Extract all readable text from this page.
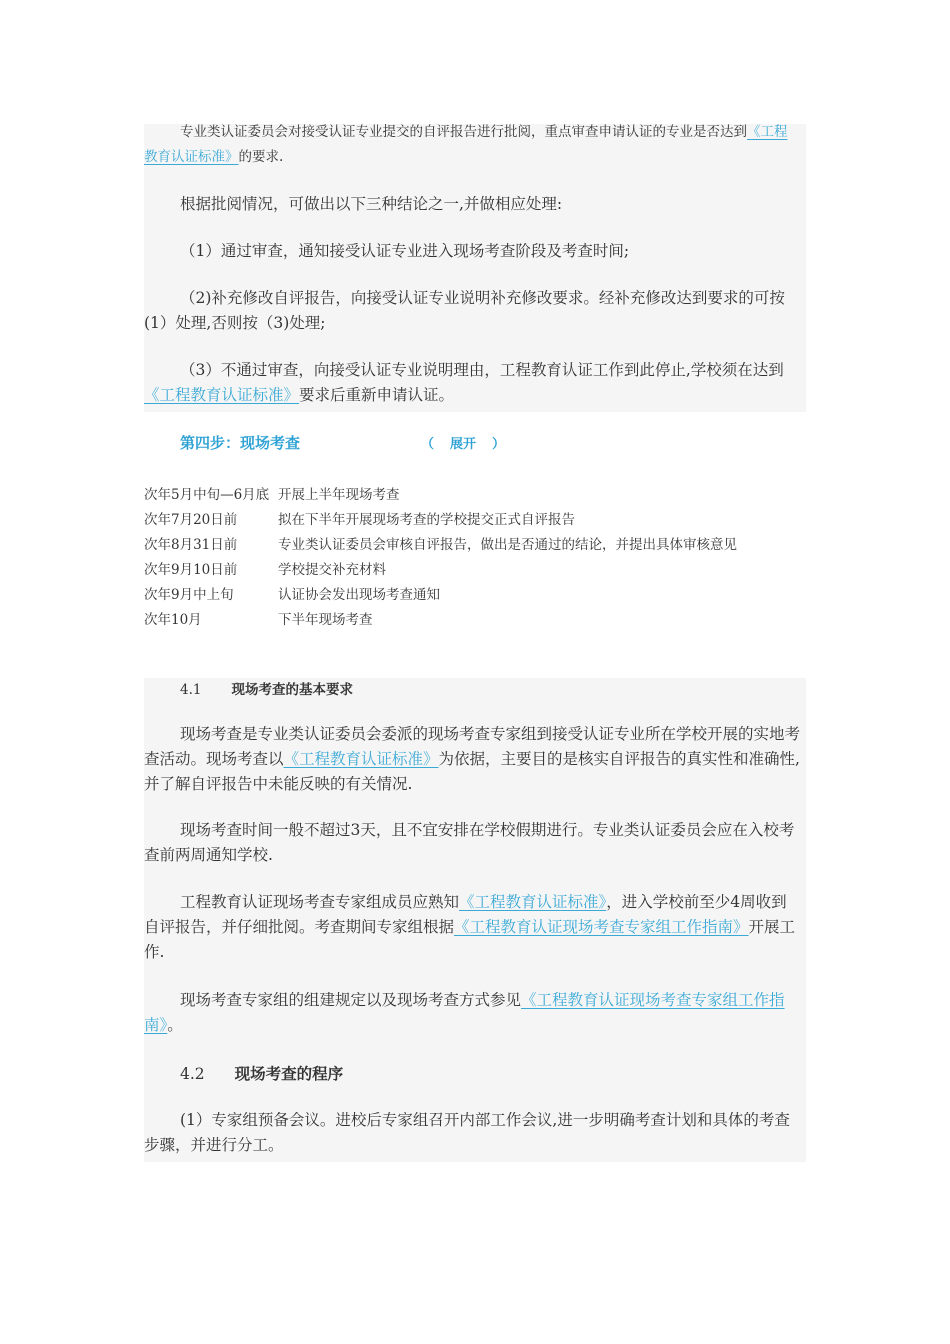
专业类认证委员会对接受认证专业提交的自评报告进行批阅，重点审查申请认证的专业是否达到《工程教育认证标准》的要求.

根据批阅情况，可做出以下三种结论之一,并做相应处理:

（1）通过审查，通知接受认证专业进入现场考查阶段及考查时间;

（2)补充修改自评报告，向接受认证专业说明补充修改要求。经补充修改达到要求的可按(1）处理,否则按（3)处理;

（3）不通过审查，向接受认证专业说明理由，工程教育认证工作到此停止,学校须在达到《工程教育认证标准》要求后重新申请认证。

第四步：现场考查	（ 展开 ）
次年5月中旬—6月底	开展上半年现场考查
次年7月20日前	拟在下半年开展现场考查的学校提交正式自评报告
次年8月31日前	专业类认证委员会审核自评报告，做出是否通过的结论，并提出具体审核意见
次年9月10日前	学校提交补充材料
次年9月中上旬	认证协会发出现场考查通知
次年10月	下半年现场考查
4.1 现场考查的基本要求

现场考查是专业类认证委员会委派的现场考查专家组到接受认证专业所在学校开展的实地考查活动。现场考查以《工程教育认证标准》为依据，主要目的是核实自评报告的真实性和准确性,并了解自评报告中未能反映的有关情况.

现场考查时间一般不超过3天，且不宜安排在学校假期进行。专业类认证委员会应在入校考查前两周通知学校.

工程教育认证现场考查专家组成员应熟知《工程教育认证标准》，进入学校前至少4周收到自评报告，并仔细批阅。考查期间专家组根据《工程教育认证现场考查专家组工作指南》开展工作.

现场考查专家组的组建规定以及现场考查方式参见《工程教育认证现场考查专家组工作指南》。

4.2 现场考查的程序

(1）专家组预备会议。进校后专家组召开内部工作会议,进一步明确考查计划和具体的考查步骤，并进行分工。
